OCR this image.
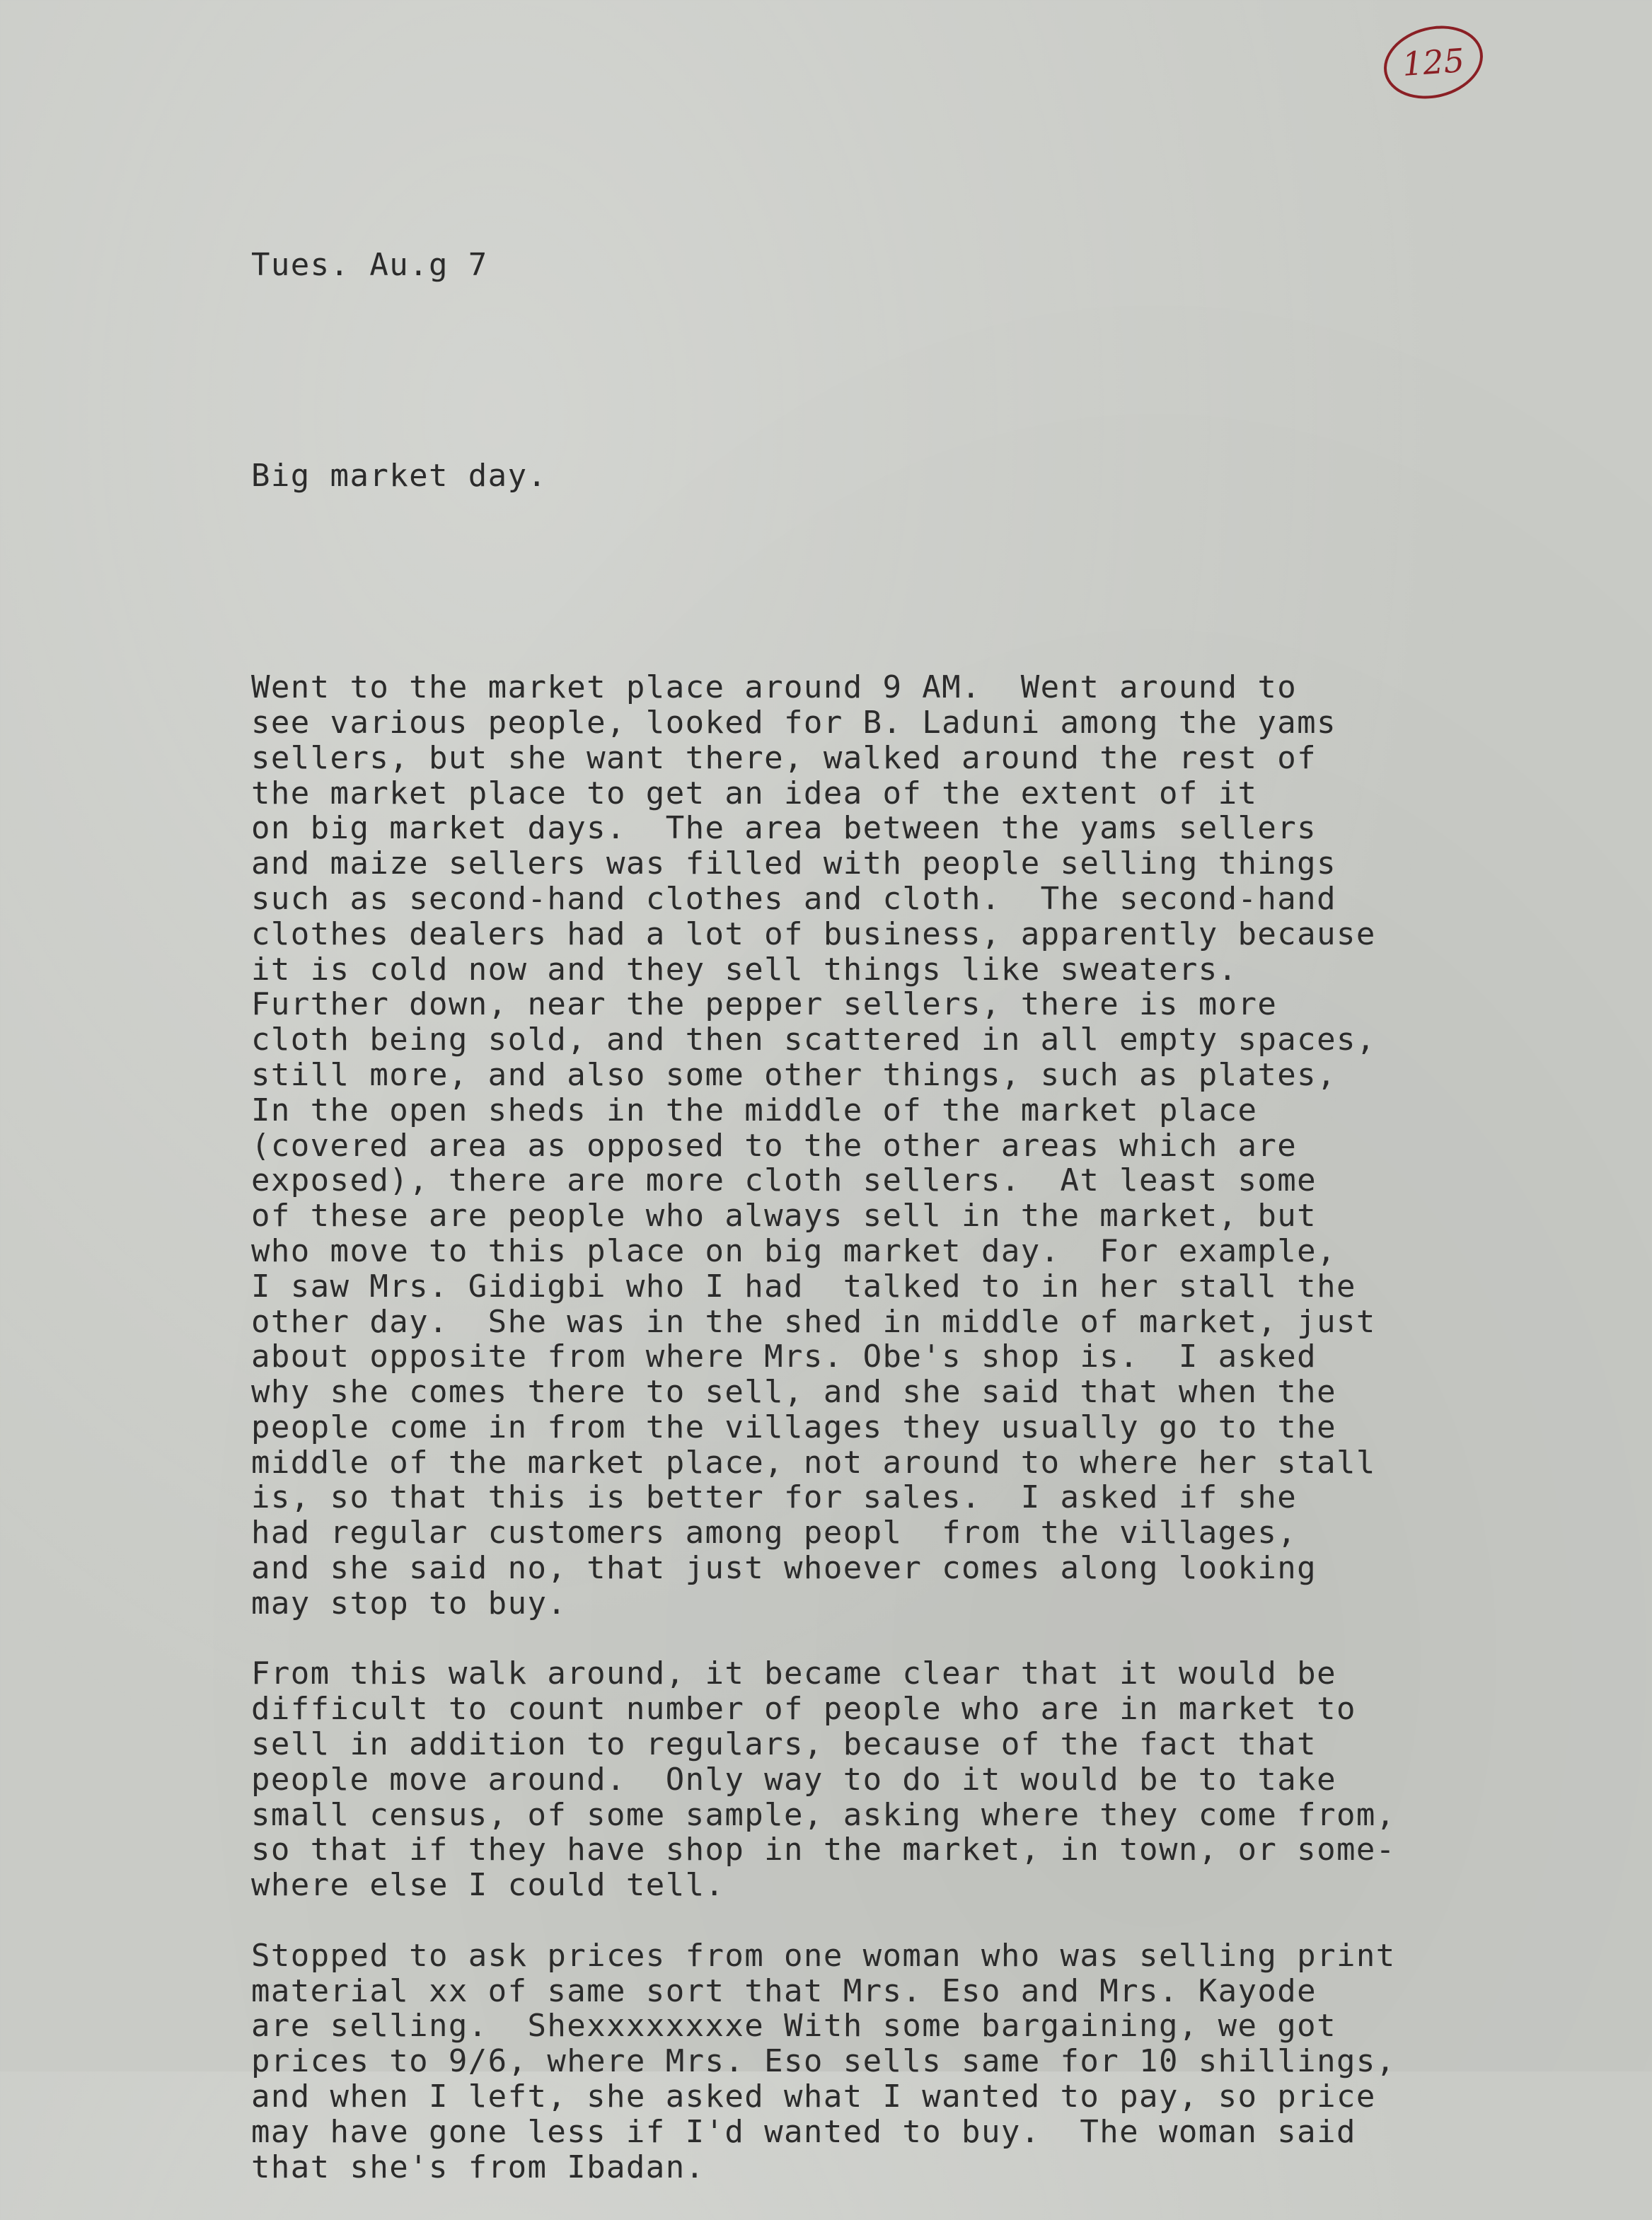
125

Tues. Au.g 7

Big market day.

Went to the market place around 9 AM.  Went around to
see various people, looked for B. Laduni among the yams
sellers, but she want there, walked around the rest of
the market place to get an idea of the extent of it
on big market days.  The area between the yams sellers
and maize sellers was filled with people selling things
such as second-hand clothes and cloth.  The second-hand
clothes dealers had a lot of business, apparently because
it is cold now and they sell things like sweaters.
Further down, near the pepper sellers, there is more
cloth being sold, and then scattered in all empty spaces,
still more, and also some other things, such as plates,
In the open sheds in the middle of the market place
(covered area as opposed to the other areas which are
exposed), there are more cloth sellers.  At least some
of these are people who always sell in the market, but
who move to this place on big market day.  For example,
I saw Mrs. Gidigbi who I had  talked to in her stall the
other day.  She was in the shed in middle of market, just
about opposite from where Mrs. Obe's shop is.  I asked
why she comes there to sell, and she said that when the
people come in from the villages they usually go to the
middle of the market place, not around to where her stall
is, so that this is better for sales.  I asked if she
had regular customers among peopl  from the villages,
and she said no, that just whoever comes along looking
may stop to buy.
From this walk around, it became clear that it would be
difficult to count number of people who are in market to
sell in addition to regulars, because of the fact that
people move around.  Only way to do it would be to take
small census, of some sample, asking where they come from,
so that if they have shop in the market, in town, or some-
where else I could tell.
Stopped to ask prices from one woman who was selling print
material xx of same sort that Mrs. Eso and Mrs. Kayode
are selling.  Shexxxxxxxxe With some bargaining, we got
prices to 9/6, where Mrs. Eso sells same for 10 shillings,
and when I left, she asked what I wanted to pay, so price
may have gone less if I'd wanted to buy.  The woman said
that she's from Ibadan.
